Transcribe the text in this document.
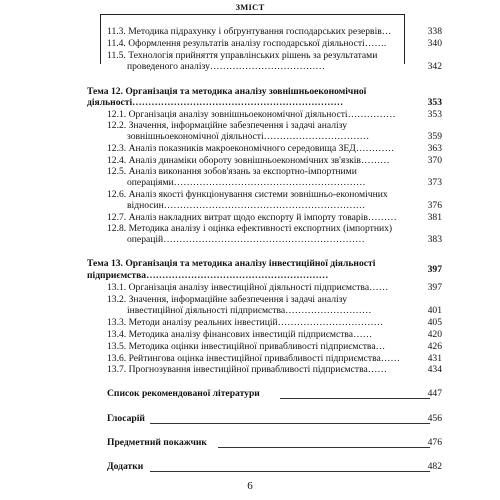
ЗМІСТ
11.3. Методика підрахунку і обґрунтування господарських резервів…	338
11.4. Оформлення результатів аналізу господарської діяльності…….	340
11.5. Технологія прийняття управлінських рішень за результатами
проведеного аналізу………………………………	342
Тема 12. Організація та методика аналізу зовнішньоекономічної
діяльності…………………………………………………………	353
12.1. Організація аналізу зовнішньоекономічної діяльності……………	353
12.2. Значення, інформаційне забезпечення і задачі аналізу
зовнішньоекономічної діяльності……………………………	359
12.3. Аналіз показників макроекономічного середовища ЗЕД…………	363
12.4. Аналіз динаміки обороту зовнішньоекономічних зв'язків………	370
12.5. Аналіз виконання зобов'язань за експортно-імпортними
операціями……………………………………………………	373
12.6. Аналіз якості функціонування системи зовнішньо-економічних
відносин………………………………………………………	376
12.7. Аналіз накладних витрат щодо експорту й імпорту товарів………	381
12.8. Методика аналізу і оцінка ефективності експортних (імпортних)
операцій………………………………………………………	383
Тема 13. Організація та методика аналізу інвестиційної діяльності
підприємства…………………………………………………
397
13.1. Організація аналізу інвестиційної діяльності підприємства……	397
13.2. Значення, інформаційне забезпечення і задачі аналізу
інвестиційної діяльності підприємства………………………	401
13.3. Методи аналізу реальних інвестицій……………………………	405
13.4. Методика аналізу фінансових інвестицій підприємства……	420
13.5. Методика оцінки інвестиційної привабливості підприємства…	426
13.6. Рейтингова оцінка інвестиційної привабливості підприємства……	431
13.7. Прогнозування інвестиційної привабливості підприємства……	434
Список рекомендованої літератури	447
Глосарій	456
Предметний покажчик	476
Додатки	482
6
